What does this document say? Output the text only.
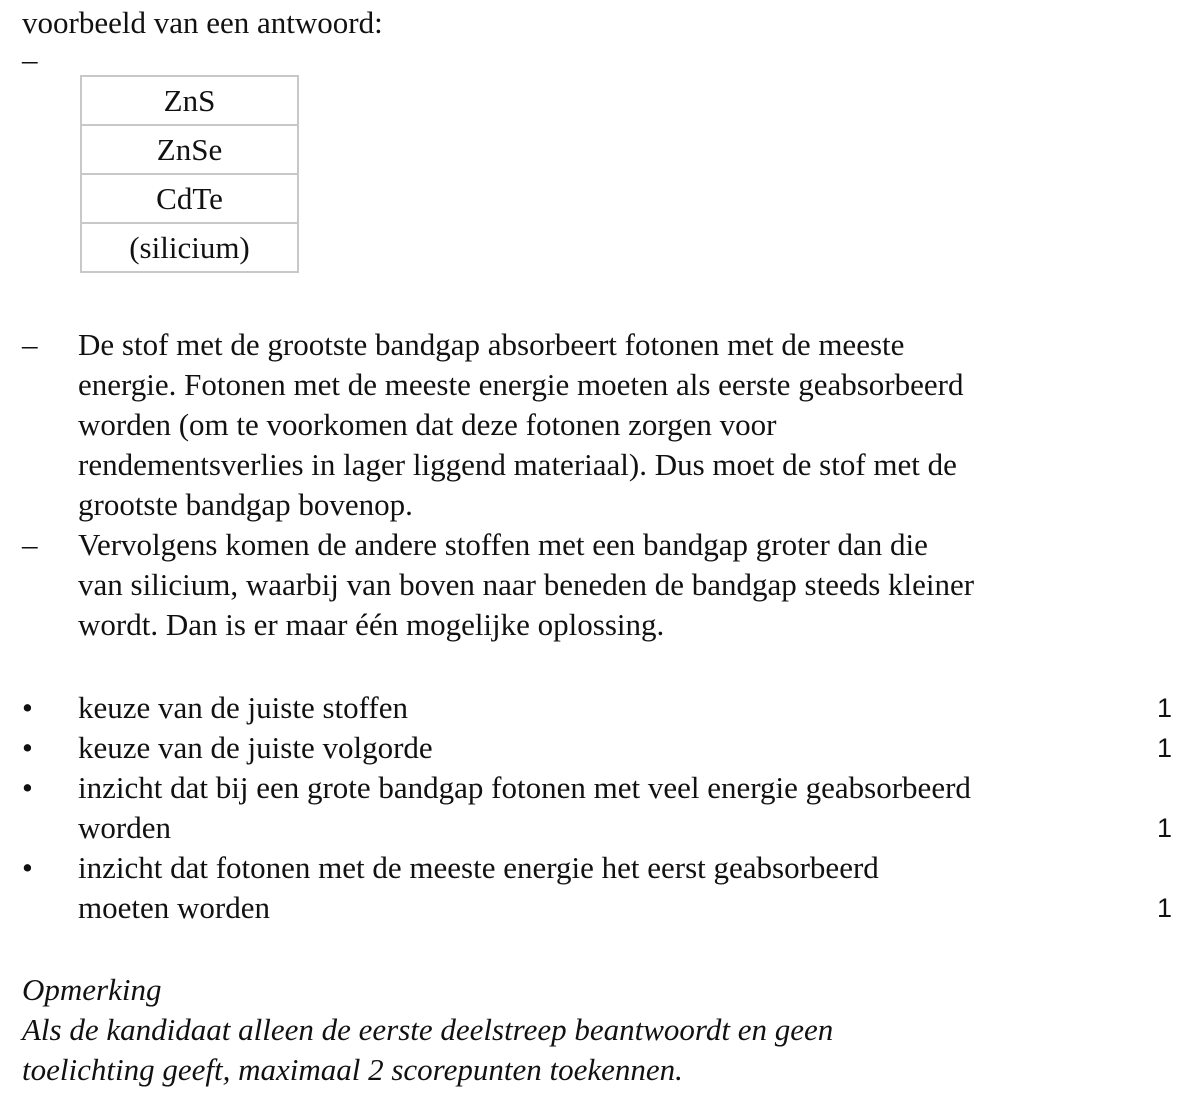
voorbeeld van een antwoord:
–
ZnS
ZnSe
CdTe
(silicium)
– De stof met de grootste bandgap absorbeert fotonen met de meeste
energie. Fotonen met de meeste energie moeten als eerste geabsorbeerd
worden (om te voorkomen dat deze fotonen zorgen voor
rendementsverlies in lager liggend materiaal). Dus moet de stof met de
grootste bandgap bovenop.
– Vervolgens komen de andere stoffen met een bandgap groter dan die
van silicium, waarbij van boven naar beneden de bandgap steeds kleiner
wordt. Dan is er maar één mogelijke oplossing.
• keuze van de juiste stoffen	1
• keuze van de juiste volgorde	1
• inzicht dat bij een grote bandgap fotonen met veel energie geabsorbeerd
worden	1
• inzicht dat fotonen met de meeste energie het eerst geabsorbeerd
moeten worden	1

Opmerking

Als de kandidaat alleen de eerste deelstreep beantwoordt en geen

toelichting geeft, maximaal 2 scorepunten toekennen.
